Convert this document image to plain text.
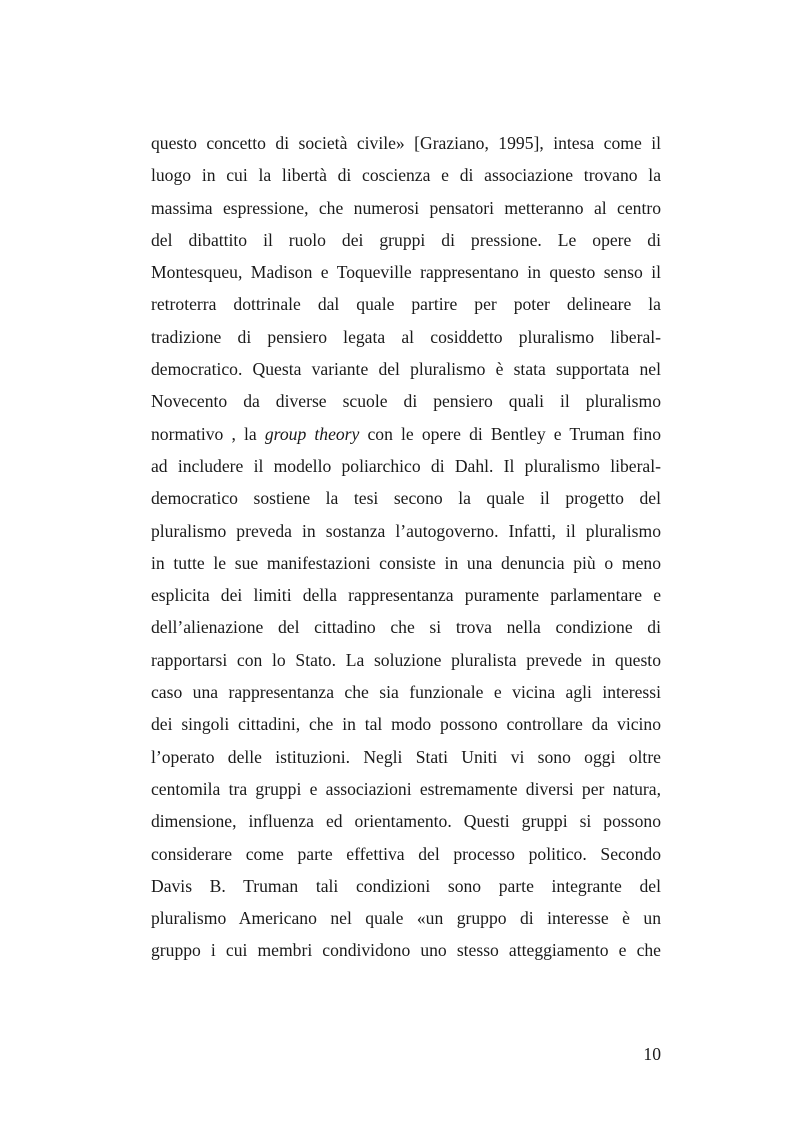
questo concetto di società civile» [Graziano, 1995], intesa come il
luogo in cui la libertà di coscienza e di associazione trovano la
massima espressione, che numerosi pensatori metteranno al centro
del dibattito il ruolo dei gruppi di pressione. Le opere di
Montesqueu, Madison e Toqueville rappresentano in questo senso il
retroterra dottrinale dal quale partire per poter delineare la
tradizione di pensiero legata al cosiddetto pluralismo liberal-
democratico. Questa variante del pluralismo è stata supportata nel
Novecento da diverse scuole di pensiero quali il pluralismo
normativo , la group theory con le opere di Bentley e Truman fino
ad includere il modello poliarchico di Dahl. Il pluralismo liberal-
democratico sostiene la tesi secono la quale il progetto del
pluralismo preveda in sostanza l’autogoverno. Infatti, il pluralismo
in tutte le sue manifestazioni consiste in una denuncia più o meno
esplicita dei limiti della rappresentanza puramente parlamentare e
dell’alienazione del cittadino che si trova nella condizione di
rapportarsi con lo Stato. La soluzione pluralista prevede in questo
caso una rappresentanza che sia funzionale e vicina agli interessi
dei singoli cittadini, che in tal modo possono controllare da vicino
l’operato delle istituzioni. Negli Stati Uniti vi sono oggi oltre
centomila tra gruppi e associazioni estremamente diversi per natura,
dimensione, influenza ed orientamento. Questi gruppi si possono
considerare come parte effettiva del processo politico. Secondo
Davis B. Truman tali condizioni sono parte integrante del
pluralismo Americano nel quale «un gruppo di interesse è un
gruppo i cui membri condividono uno stesso atteggiamento e che
10
